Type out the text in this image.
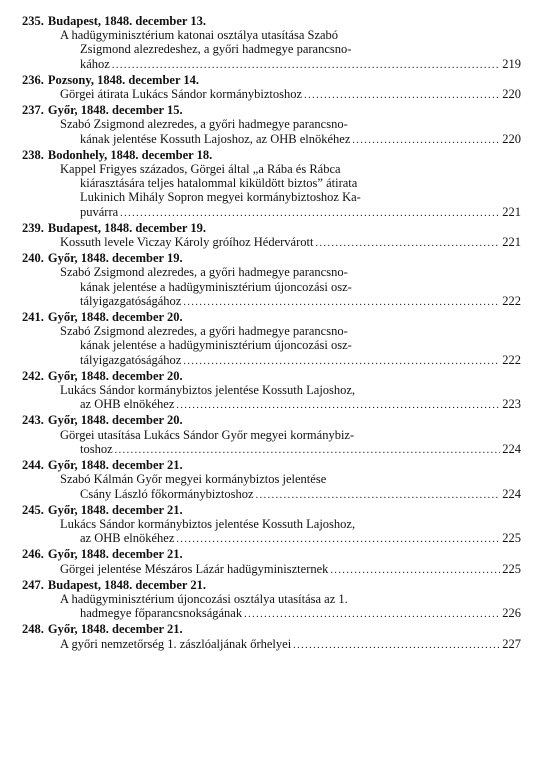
235. Budapest, 1848. december 13.
A hadügyminisztérium katonai osztálya utasítása Szabó
Zsigmond alezredeshez, a győri hadmegye parancsno-
kához .....	219
236. Pozsony, 1848. december 14.
Görgei átirata Lukács Sándor kormánybiztoshoz .....	220
237. Győr, 1848. december 15.
Szabó Zsigmond alezredes, a győri hadmegye parancsno-
kának jelentése Kossuth Lajoshoz, az OHB elnökéhez .....	220
238. Bodonhely, 1848. december 18.
Kappel Frigyes százados, Görgei által „a Rába és Rábca
kiárasztására teljes hatalommal kiküldött biztos” átirata
Lukinich Mihály Sopron megyei kormánybiztoshoz Ka-
puvárra .....	221
239. Budapest, 1848. december 19.
Kossuth levele Viczay Károly gróíhoz Hédervárott .....	221
240. Győr, 1848. december 19.
Szabó Zsigmond alezredes, a győri hadmegye parancsno-
kának jelentése a hadügyminisztérium újoncozási osz-
tályigazgatóságához .....	222
241. Győr, 1848. december 20.
Szabó Zsigmond alezredes, a győri hadmegye parancsno-
kának jelentése a hadügyminisztérium újoncozási osz-
tályigazgatóságához .....	222
242. Győr, 1848. december 20.
Lukács Sándor kormánybiztos jelentése Kossuth Lajoshoz,
az OHB elnökéhez .....	223
243. Győr, 1848. december 20.
Görgei utasítása Lukács Sándor Győr megyei kormánybiz-
toshoz .....	224
244. Győr, 1848. december 21.
Szabó Kálmán Győr megyei kormánybiztos jelentése
Csány László főkormánybiztoshoz .....	224
245. Győr, 1848. december 21.
Lukács Sándor kormánybiztos jelentése Kossuth Lajoshoz,
az OHB elnökéhez .....	225
246. Győr, 1848. december 21.
Görgei jelentése Mészáros Lázár hadügyminiszternek .....	225
247. Budapest, 1848. december 21.
A hadügyminisztérium újoncozási osztálya utasítása az 1.
hadmegye főparancsnokságának .....	226
248. Győr, 1848. december 21.
A győri nemzetőrség 1. zászlóaljának őrhelyei .....	227
